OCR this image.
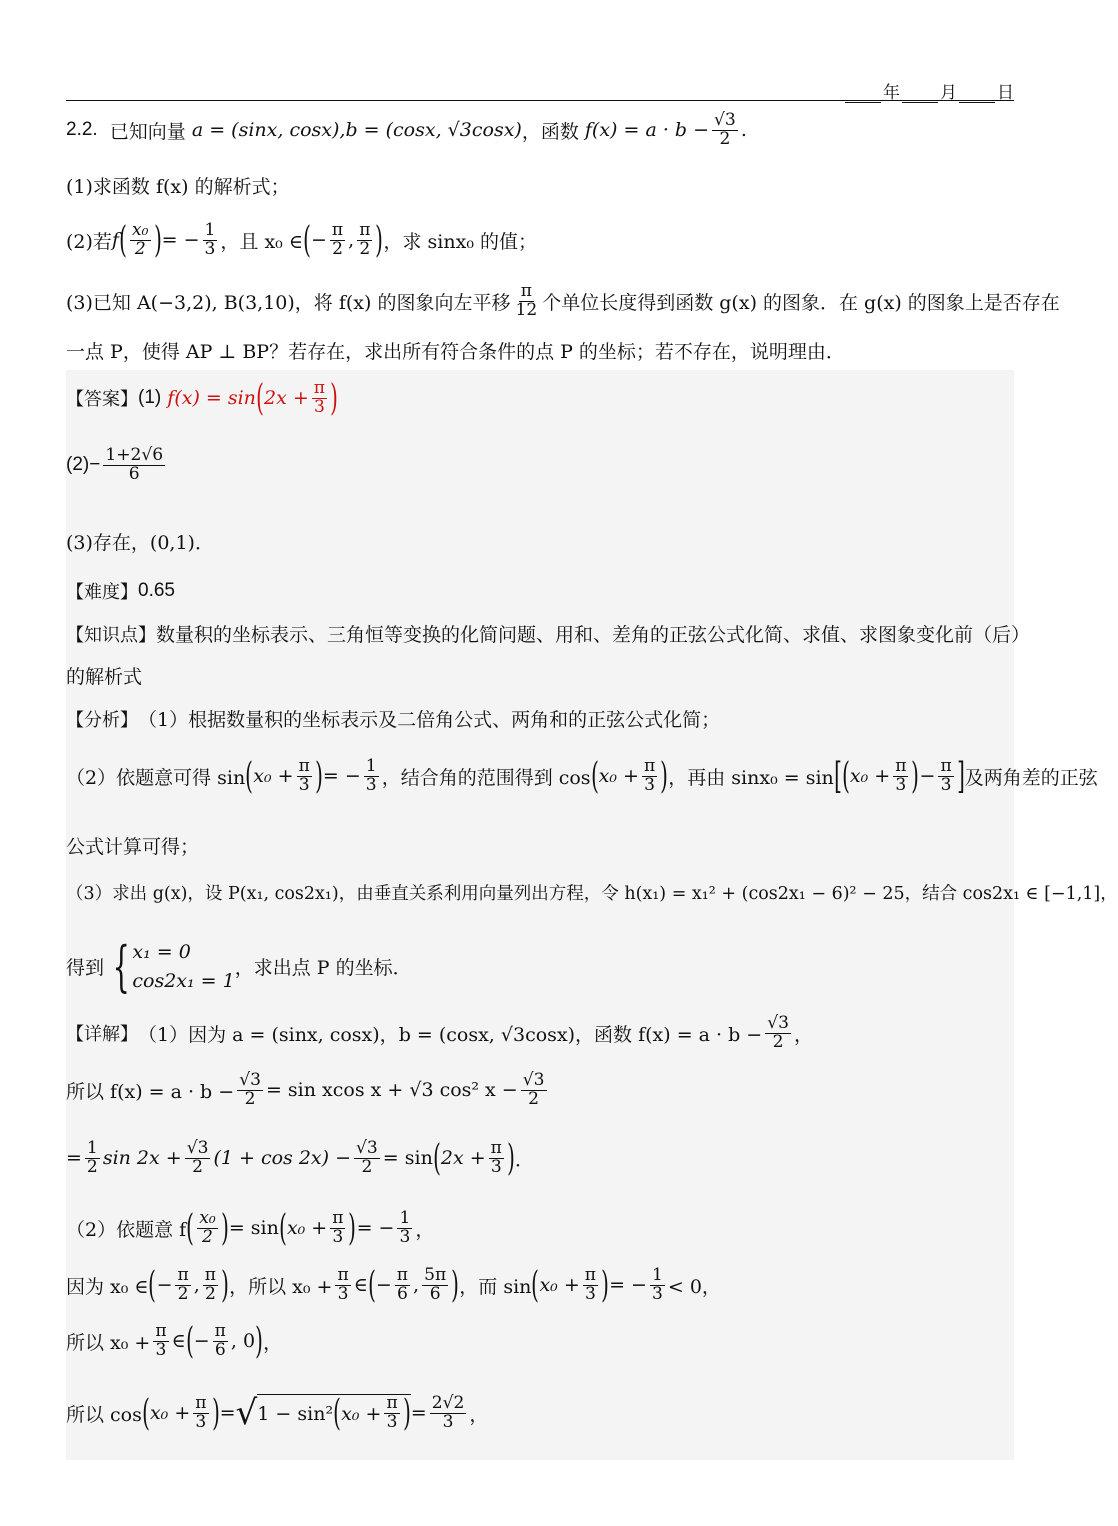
年 月 日
2.2.
已知向量
a = (sinx, cosx), b = (cosx, √3cosx) ，函数
$f(x) = a \cdot b - \frac{√3}{2}$ .
(1)求函数 f(x) 的解析式；
(2)若 f ( $\frac{\text{x₀}}{2}$ ) = − $\frac{1}{3}$ ，且 x₀ ∈ ( − $\frac{\pi}{2}$ , $\frac{\pi}{2}$ ) ，求 sinx₀ 的值；
(3)已知 A(−3,2), B(3,10)，将 f(x) 的图象向左平移 $\frac{\pi}{12}$ 个单位长度得到函数 g(x) 的图象．在 g(x) 的图象上是否存在
一点 P，使得 AP ⊥ BP？若存在，求出所有符合条件的点 P 的坐标；若不存在，说明理由．
【答案】 (1)
f(x) = sin ( $2x + \frac{\pi}{3}$ )
$(2)- \frac{1+2√6}{6}$
(3)存在，(0,1)．
【难度】 0.65
【知识点】 数量积的坐标表示、三角恒等变换的化简问题、用和、差角的正弦公式化简、求值、求图象变化前（后）
的解析式
【分析】 （1）根据数量积的坐标表示及二倍角公式、两角和的正弦公式化简；
（2）依题意可得 sin ( $x_0 + \frac{\pi}{3}$ ) = − $\frac{1}{3}$ ，结合角的范围得到 cos ( $x_0 + \frac{\pi}{3}$ ) ，再由 sinx₀ = sin [ ( $x_0 + \frac{\pi}{3}$ ) − $\frac{\pi}{3}$ ] 及两角差的正弦
公式计算可得；
（3）求出 g(x)，设 P(x₁, cos2x₁)，由垂直关系利用向量列出方程，令 h(x₁) = x₁² + (cos2x₁ − 6)² − 25，结合 cos2x₁ ∈ [−1,1]，
得到 { x₁ = 0
cos2x₁ = 1
，求出点 P 的坐标．
【详解】 （1）因为 a = (sinx, cosx)， b = (cosx, √3cosx)，函数 $f(x) = a \cdot b - \frac{√3}{2}$ ，
所以 $f(x) = a \cdot b - \frac{√3}{2} = \sin xcos$ x + √3 cos² $x - \frac{√3}{2}$
= $\frac{1}{2}$ $\sin 2x + \frac{√3}{2} (1 + \cos 2x) - \frac{√3}{2} = \sin$ ( $2x + \frac{\pi}{3}$ ) ．
（2）依题意 f ( $\frac{\text{x₀}}{2}$ ) = sin ( $x_0 + \frac{\pi}{3}$ ) = − $\frac{1}{3}$ ，
因为 x₀ ∈ ( − $\frac{\pi}{2}$ , $\frac{\pi}{2}$ ) ，所以 $x_0 + \frac{\pi}{3}$ ∈ ( − $\frac{\pi}{6}$ , $\frac{5\pi}{6}$ ) ，而 sin ( $x_0 + \frac{\pi}{3}$ ) = − $\frac{1}{3} < 0$，
所以 $x_0 + \frac{\pi}{3}$ ∈ ( − $\frac{\pi}{6}$ , 0 ) ，
所以 cos ( $x_0 + \frac{\pi}{3}$ ) = √ 1 − sin² ( $x_0 + \frac{\pi}{3}$ ) = $\frac{2√2}{3}$ ，
